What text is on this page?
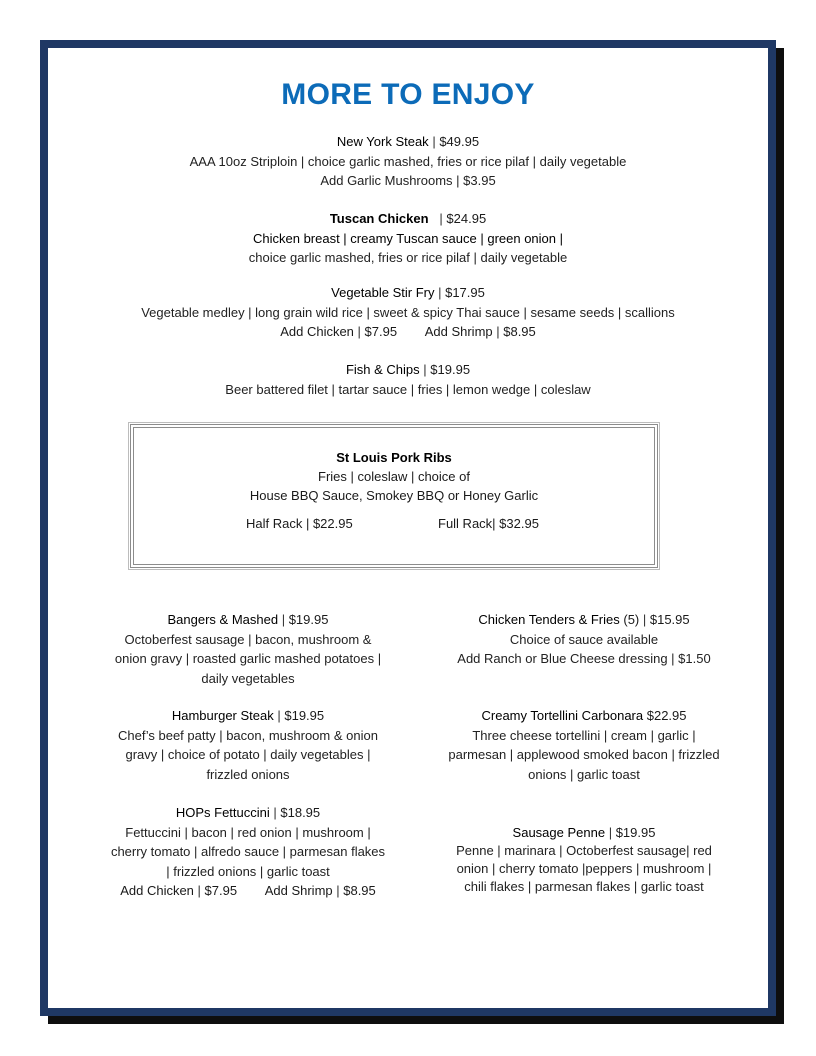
MORE TO ENJOY
New York Steak | $49.95
AAA 10oz Striploin | choice garlic mashed, fries or rice pilaf | daily vegetable
Add Garlic Mushrooms | $3.95
Tuscan Chicken   | $24.95
Chicken breast | creamy Tuscan sauce | green onion |
choice garlic mashed, fries or rice pilaf | daily vegetable
Vegetable Stir Fry | $17.95
Vegetable medley | long grain wild rice | sweet & spicy Thai sauce | sesame seeds | scallions
Add Chicken | $7.95 Add Shrimp | $8.95
Fish & Chips | $19.95
Beer battered filet | tartar sauce | fries | lemon wedge | coleslaw
St Louis Pork Ribs
Fries | coleslaw | choice of
House BBQ Sauce, Smokey BBQ or Honey Garlic
Half Rack | $22.95	Full Rack| $32.95
Bangers & Mashed | $19.95
Octoberfest sausage | bacon, mushroom &
onion gravy | roasted garlic mashed potatoes |
daily vegetables
Hamburger Steak | $19.95
Chef’s beef patty | bacon, mushroom & onion
gravy | choice of potato | daily vegetables |
frizzled onions
HOPs Fettuccini | $18.95
Fettuccini | bacon | red onion | mushroom |
cherry tomato | alfredo sauce | parmesan flakes
| frizzled onions | garlic toast
Add Chicken | $7.95 Add Shrimp | $8.95
Chicken Tenders & Fries (5) | $15.95
Choice of sauce available
Add Ranch or Blue Cheese dressing | $1.50
Creamy Tortellini Carbonara $22.95
Three cheese tortellini | cream | garlic |
parmesan | applewood smoked bacon | frizzled
onions | garlic toast
Sausage Penne | $19.95
Penne | marinara | Octoberfest sausage| red
onion | cherry tomato |peppers | mushroom |
chili flakes | parmesan flakes | garlic toast
